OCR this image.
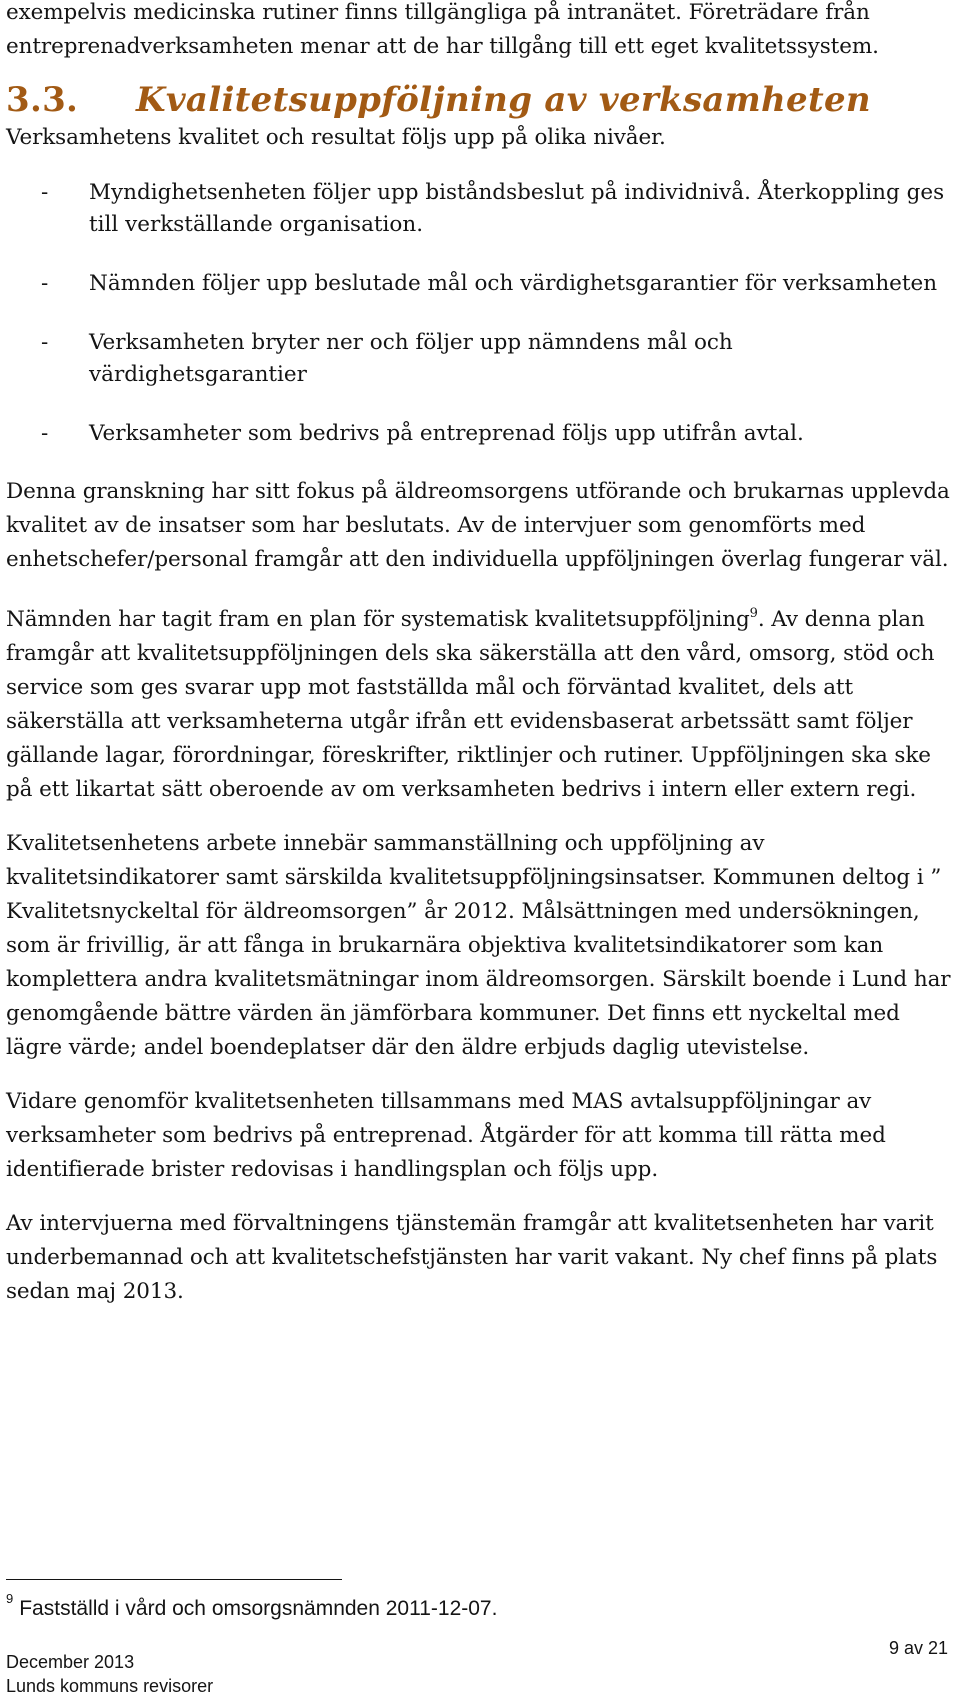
exempelvis medicinska rutiner finns tillgängliga på intranätet. Företrädare från
entreprenadverksamheten menar att de har tillgång till ett eget kvalitetssystem.

3.3. Kvalitetsuppföljning av verksamheten

Verksamhetens kvalitet och resultat följs upp på olika nivåer.

- Myndighetsenheten följer upp biståndsbeslut på individnivå. Återkoppling ges till verkställande organisation.
- Nämnden följer upp beslutade mål och värdighetsgarantier för verksamheten
- Verksamheten bryter ner och följer upp nämndens mål och värdighetsgarantier
- Verksamheter som bedrivs på entreprenad följs upp utifrån avtal.

Denna granskning har sitt fokus på äldreomsorgens utförande och brukarnas upplevda kvalitet av de insatser som har beslutats. Av de intervjuer som genomförts med enhetschefer/personal framgår att den individuella uppföljningen överlag fungerar väl.

Nämnden har tagit fram en plan för systematisk kvalitetsuppföljning$^9$. Av denna plan framgår att kvalitetsuppföljningen dels ska säkerställa att den vård, omsorg, stöd och service som ges svarar upp mot fastställda mål och förväntad kvalitet, dels att säkerställa att verksamheterna utgår ifrån ett evidensbaserat arbetssätt samt följer gällande lagar, förordningar, föreskrifter, riktlinjer och rutiner. Uppföljningen ska ske på ett likartat sätt oberoende av om verksamheten bedrivs i intern eller extern regi.

Kvalitetsenhetens arbete innebär sammanställning och uppföljning av kvalitetsindikatorer samt särskilda kvalitetsuppföljningsinsatser. Kommunen deltog i ” Kvalitetsnyckeltal för äldreomsorgen” år 2012. Målsättningen med undersökningen, som är frivillig, är att fånga in brukarnära objektiva kvalitetsindikatorer som kan komplettera andra kvalitetsmätningar inom äldreomsorgen. Särskilt boende i Lund har genomgående bättre värden än jämförbara kommuner. Det finns ett nyckeltal med lägre värde; andel boendeplatser där den äldre erbjuds daglig utevistelse.

Vidare genomför kvalitetsenheten tillsammans med MAS avtalsuppföljningar av verksamheter som bedrivs på entreprenad. Åtgärder för att komma till rätta med identifierade brister redovisas i handlingsplan och följs upp.

Av intervjuerna med förvaltningens tjänstemän framgår att kvalitetsenheten har varit underbemannad och att kvalitetschefstjänsten har varit vakant. Ny chef finns på plats sedan maj 2013.

$^9$ Fastställd i vård och omsorgsnämnden 2011-12-07.
9 av 21
December 2013
Lunds kommuns revisorer
